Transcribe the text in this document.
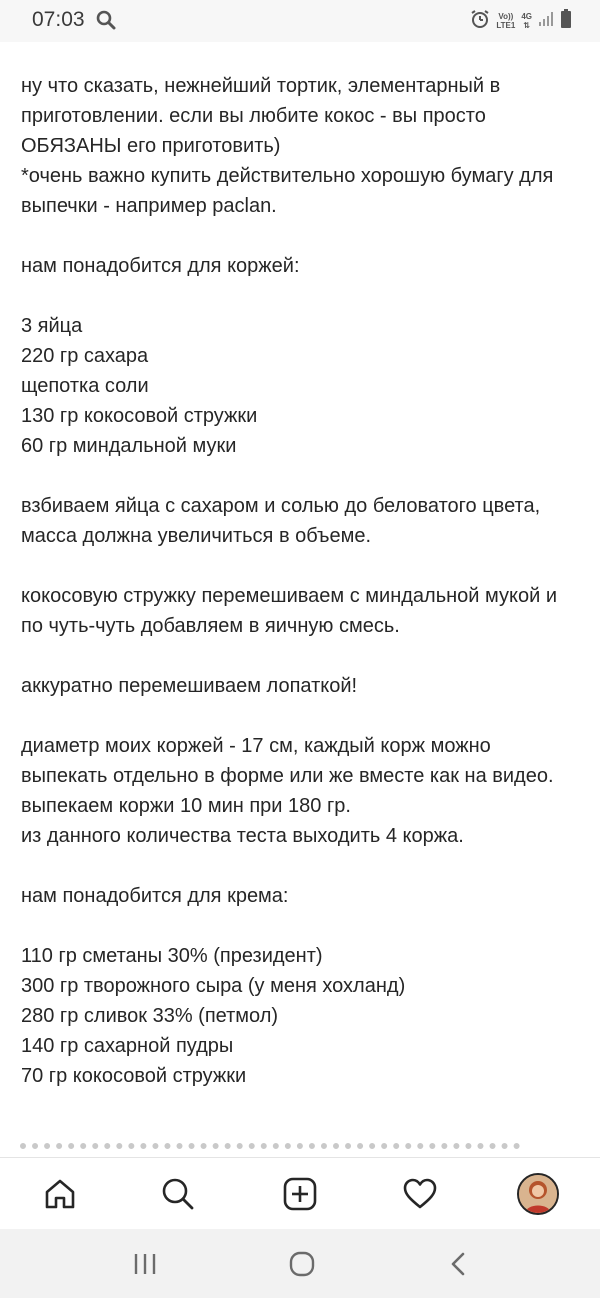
07:03	Vo))
LTE1
4G
⇅

ну что сказать, нежнейший тортик, элементарный в приготовлении. если вы любите кокос - вы просто ОБЯЗАНЫ его приготовить)
*очень важно купить действительно хорошую бумагу для выпечки - например paclan.

нам понадобится для коржей:

3 яйца
220 гр сахара
щепотка соли
130 гр кокосовой стружки
60 гр миндальной муки

взбиваем яйца с сахаром и солью до беловатого цвета, масса должна увеличиться в объеме.

кокосовую стружку перемешиваем с миндальной мукой и по чуть-чуть добавляем в яичную смесь.

аккуратно перемешиваем лопаткой!

диаметр моих коржей - 17 см, каждый корж можно выпекать отдельно в форме или же вместе как на видео.
выпекаем коржи 10 мин при 180 гр.
из данного количества теста выходить 4 коржа.

нам понадобится для крема:

110 гр сметаны 30% (президент)
300 гр творожного сыра (у меня хохланд)
280 гр сливок 33% (петмол)
140 гр сахарной пудры
70 гр кокосовой стружки
